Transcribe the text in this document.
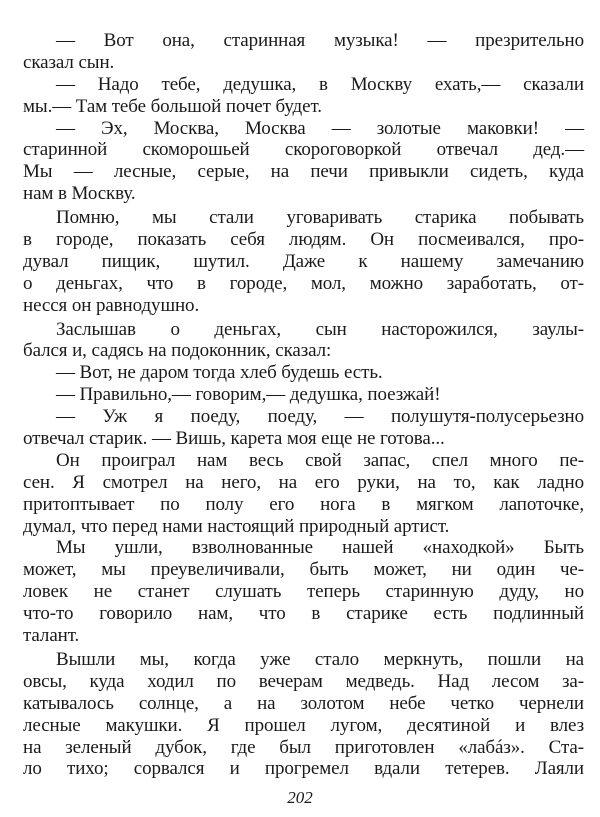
— Вот она, старинная музыка! — презрительно
сказал сын.
— Надо тебе, дедушка, в Москву ехать,— сказали
мы.— Там тебе большой почет будет.
— Эх, Москва, Москва — золотые маковки! —
старинной скоморошьей скороговоркой отвечал дед.—
Мы — лесные, серые, на печи привыкли сидеть, куда
нам в Москву.
Помню, мы стали уговаривать старика побывать
в городе, показать себя людям. Он посмеивался, про-
дувал пищик, шутил. Даже к нашему замечанию
о деньгах, что в городе, мол, можно заработать, от-
несся он равнодушно.
Заслышав о деньгах, сын насторожился, заулы-
бался и, садясь на подоконник, сказал:
— Вот, не даром тогда хлеб будешь есть.
— Правильно,— говорим,— дедушка, поезжай!
— Уж я поеду, поеду, — полушутя-полусерьезно
отвечал старик. — Вишь, карета моя еще не готова...
Он проиграл нам весь свой запас, спел много пе-
сен. Я смотрел на него, на его руки, на то, как ладно
притоптывает по полу его нога в мягком лапоточке,
думал, что перед нами настоящий природный артист.
Мы ушли, взволнованные нашей «находкой» Быть
может, мы преувеличивали, быть может, ни один че-
ловек не станет слушать теперь старинную дуду, но
что-то говорило нам, что в старике есть подлинный
талант.
Вышли мы, когда уже стало меркнуть, пошли на
овсы, куда ходил по вечерам медведь. Над лесом за-
катывалось солнце, а на золотом небе четко чернели
лесные макушки. Я прошел лугом, десятиной и влез
на зеленый дубок, где был приготовлен «лабáз». Ста-
ло тихо; сорвался и прогремел вдали тетерев. Лаяли
202
